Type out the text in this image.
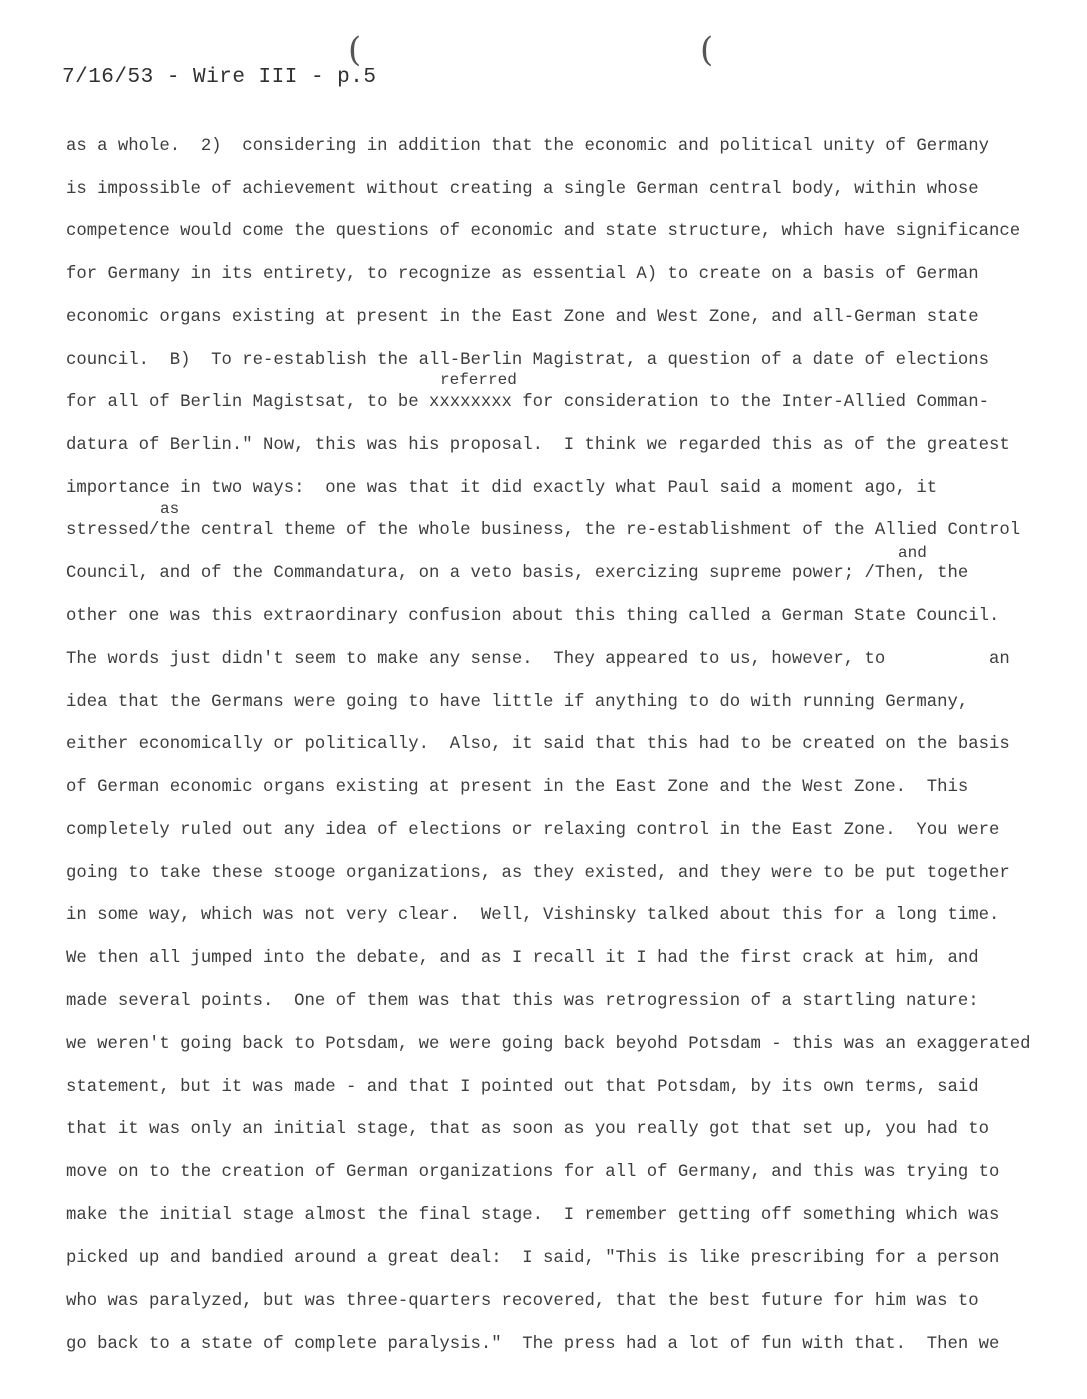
7/16/53 - Wire III - p.5
(	(
referred
as
and
as a whole.  2)  considering in addition that the economic and political unity of Germany
is impossible of achievement without creating a single German central body, within whose
competence would come the questions of economic and state structure, which have significance
for Germany in its entirety, to recognize as essential A) to create on a basis of German
economic organs existing at present in the East Zone and West Zone, and all-German state
council.  B)  To re-establish the all-Berlin Magistrat, a question of a date of elections
for all of Berlin Magistsat, to be xxxxxxxx for consideration to the Inter-Allied Comman-
datura of Berlin." Now, this was his proposal.  I think we regarded this as of the greatest
importance in two ways:  one was that it did exactly what Paul said a moment ago, it
stressed/the central theme of the whole business, the re-establishment of the Allied Control
Council, and of the Commandatura, on a veto basis, exercizing supreme power; /Then, the
other one was this extraordinary confusion about this thing called a German State Council.
The words just didn't seem to make any sense.  They appeared to us, however, to          an
idea that the Germans were going to have little if anything to do with running Germany,
either economically or politically.  Also, it said that this had to be created on the basis
of German economic organs existing at present in the East Zone and the West Zone.  This
completely ruled out any idea of elections or relaxing control in the East Zone.  You were
going to take these stooge organizations, as they existed, and they were to be put together
in some way, which was not very clear.  Well, Vishinsky talked about this for a long time.
We then all jumped into the debate, and as I recall it I had the first crack at him, and
made several points.  One of them was that this was retrogression of a startling nature:
we weren't going back to Potsdam, we were going back beyohd Potsdam - this was an exaggerated
statement, but it was made - and that I pointed out that Potsdam, by its own terms, said
that it was only an initial stage, that as soon as you really got that set up, you had to
move on to the creation of German organizations for all of Germany, and this was trying to
make the initial stage almost the final stage.  I remember getting off something which was
picked up and bandied around a great deal:  I said, "This is like prescribing for a person
who was paralyzed, but was three-quarters recovered, that the best future for him was to
go back to a state of complete paralysis."  The press had a lot of fun with that.  Then we
